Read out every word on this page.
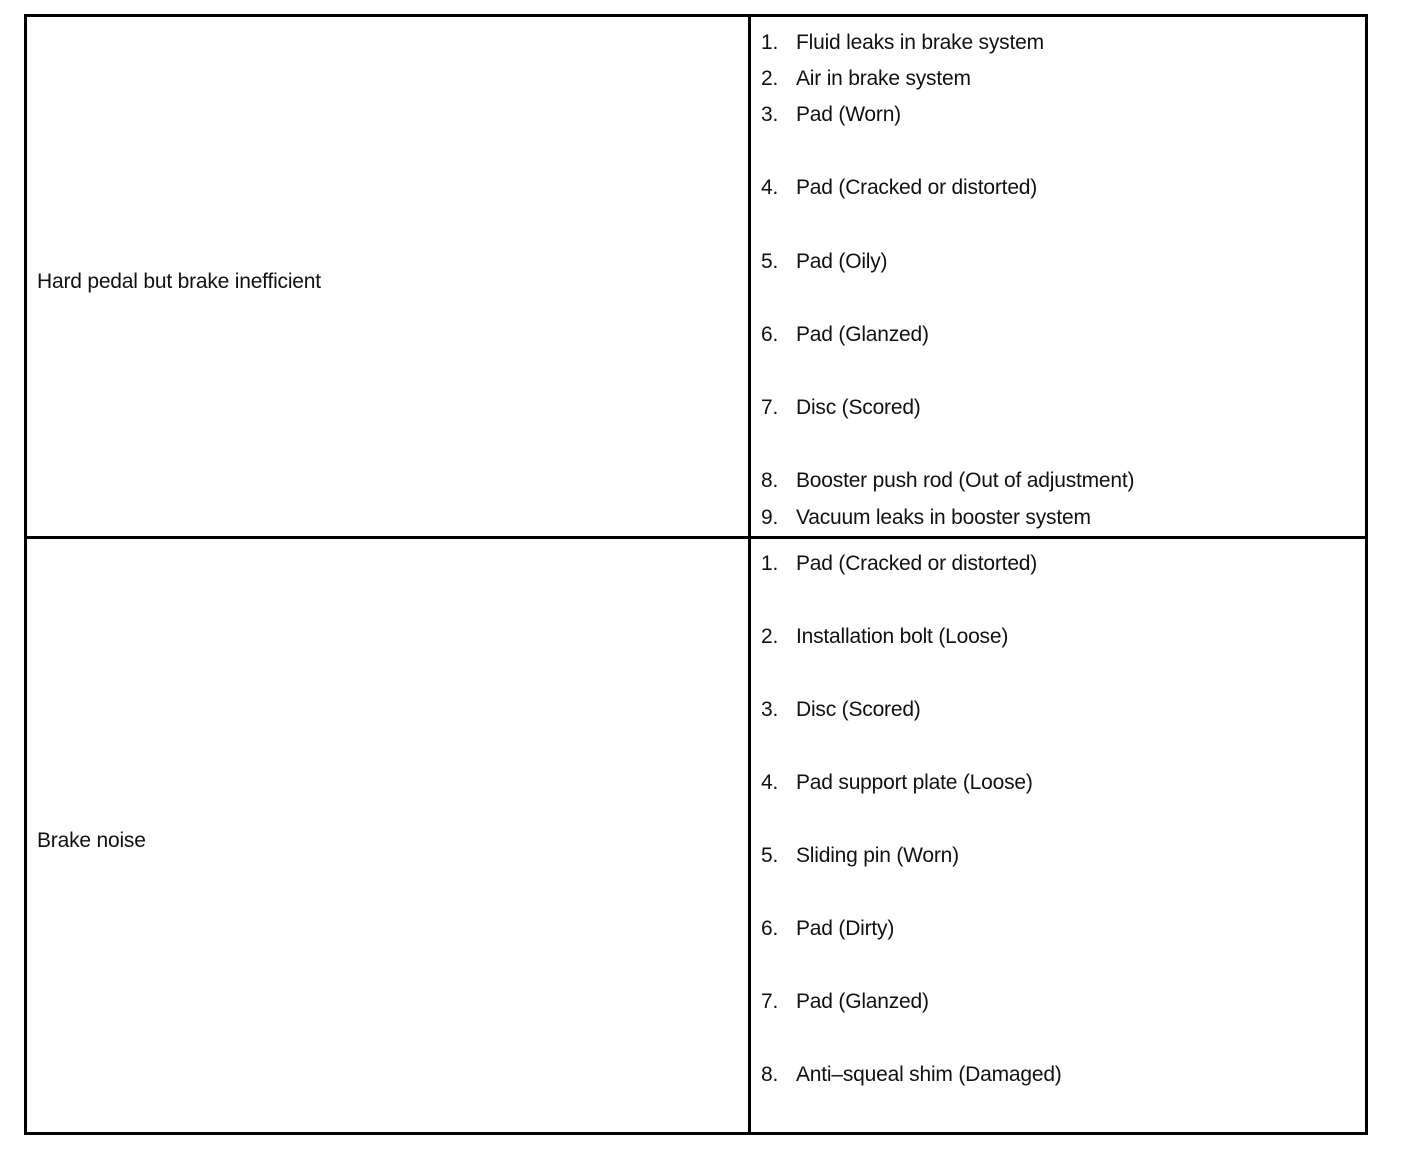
Hard pedal but brake inefficient
1. Fluid leaks in brake system
2. Air in brake system
3. Pad (Worn)
4. Pad (Cracked or distorted)
5. Pad (Oily)
6. Pad (Glanzed)
7. Disc (Scored)
8. Booster push rod (Out of adjustment)
9. Vacuum leaks in booster system
Brake noise
1. Pad (Cracked or distorted)
2. Installation bolt (Loose)
3. Disc (Scored)
4. Pad support plate (Loose)
5. Sliding pin (Worn)
6. Pad (Dirty)
7. Pad (Glanzed)
8. Anti–squeal shim (Damaged)
